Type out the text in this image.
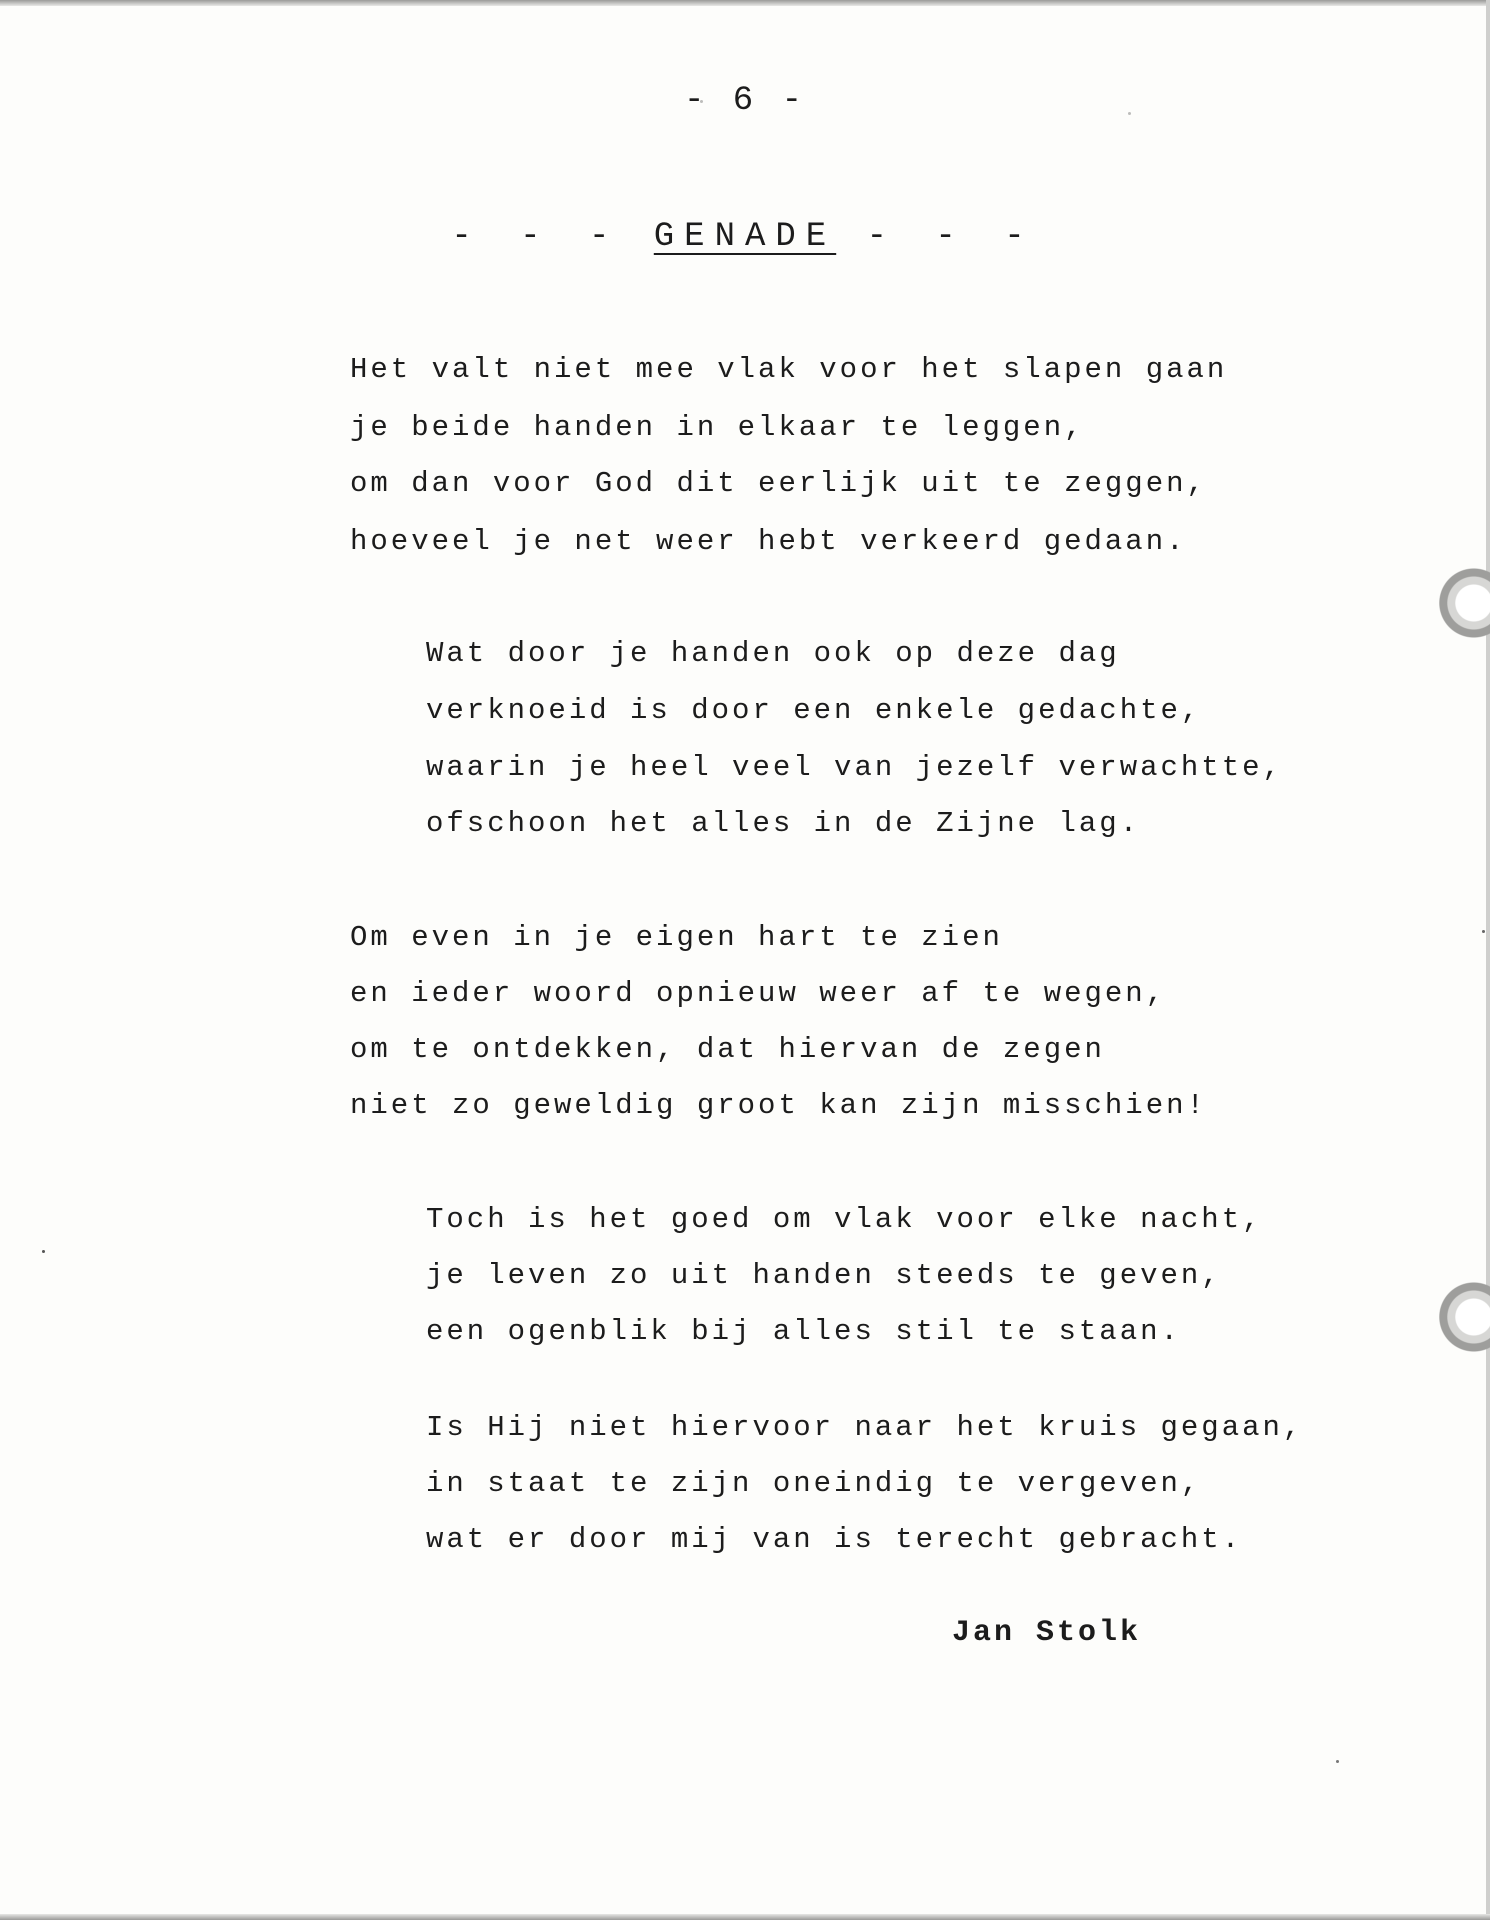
- 6 -
- - - GENADE - - -
Het valt niet mee vlak voor het slapen gaan
je beide handen in elkaar te leggen,
om dan voor God dit eerlijk uit te zeggen,
hoeveel je net weer hebt verkeerd gedaan.
Wat door je handen ook op deze dag
verknoeid is door een enkele gedachte,
waarin je heel veel van jezelf verwachtte,
ofschoon het alles in de Zijne lag.
Om even in je eigen hart te zien
en ieder woord opnieuw weer af te wegen,
om te ontdekken, dat hiervan de zegen
niet zo geweldig groot kan zijn misschien!
Toch is het goed om vlak voor elke nacht,
je leven zo uit handen steeds te geven,
een ogenblik bij alles stil te staan.
Is Hij niet hiervoor naar het kruis gegaan,
in staat te zijn oneindig te vergeven,
wat er door mij van is terecht gebracht.
Jan Stolk
